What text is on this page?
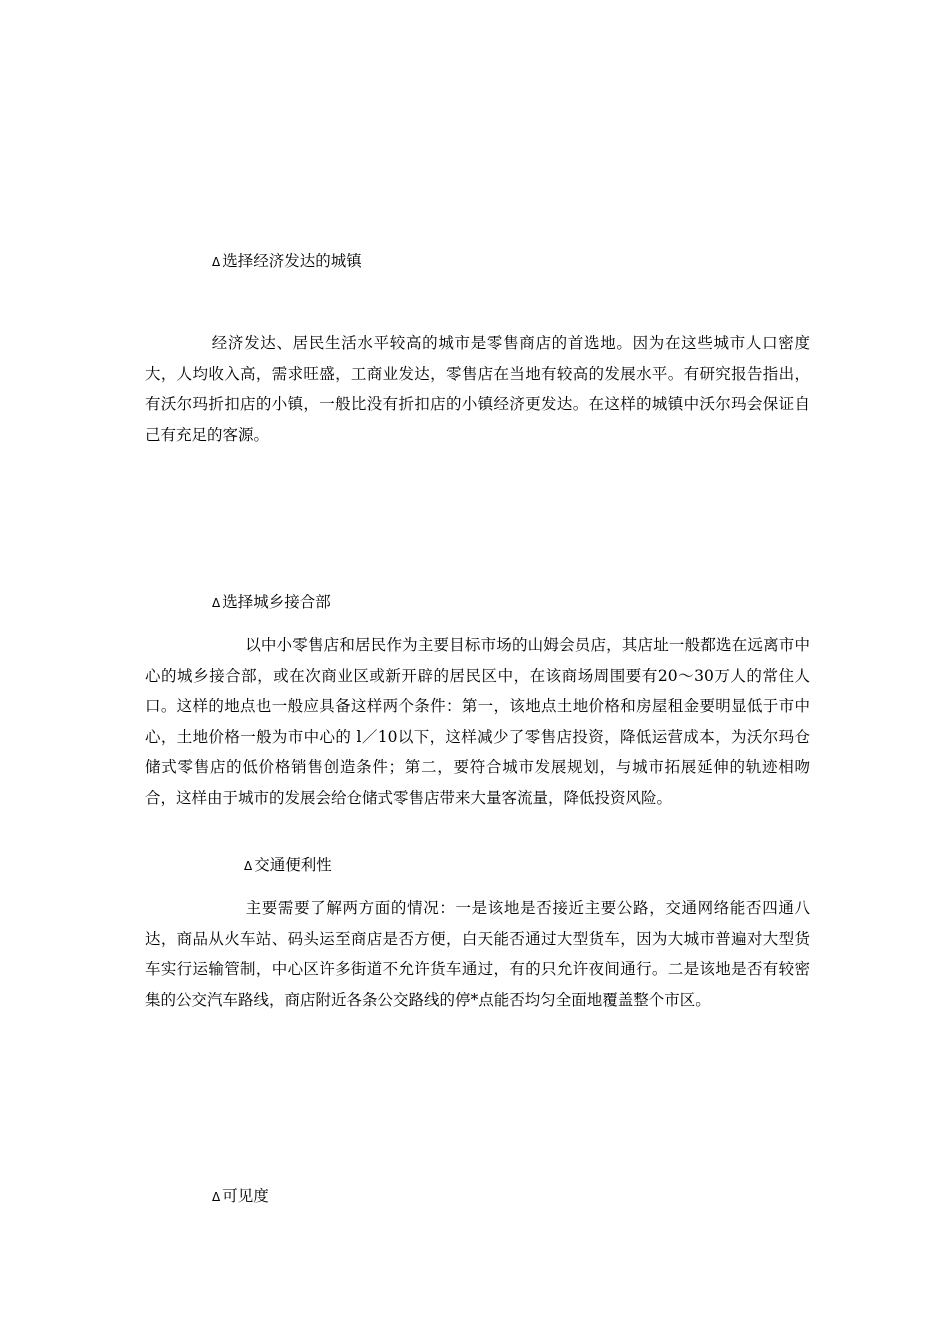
Δ 选择经济发达的城镇
经济发达、居民生活水平较高的城市是零售商店的首选地。因为在这些城市人口密度大，人均收入高，需求旺盛，工商业发达，零售店在当地有较高的发展水平。有研究报告指出，有沃尔玛折扣店的小镇，一般比没有折扣店的小镇经济更发达。在这样的城镇中沃尔玛会保证自己有充足的客源。
Δ 选择城乡接合部
以中小零售店和居民作为主要目标市场的山姆会员店，其店址一般都选在远离市中心的城乡接合部，或在次商业区或新开辟的居民区中，在该商场周围要有20～30万人的常住人口。这样的地点也一般应具备这样两个条件：第一，该地点土地价格和房屋租金要明显低于市中心，土地价格一般为市中心的 l／10以下，这样减少了零售店投资，降低运营成本，为沃尔玛仓储式零售店的低价格销售创造条件；第二，要符合城市发展规划，与城市拓展延伸的轨迹相吻合，这样由于城市的发展会给仓储式零售店带来大量客流量，降低投资风险。
Δ 交通便利性
主要需要了解两方面的情况：一是该地是否接近主要公路，交通网络能否四通八达，商品从火车站、码头运至商店是否方便，白天能否通过大型货车，因为大城市普遍对大型货车实行运输管制，中心区许多街道不允许货车通过，有的只允许夜间通行。二是该地是否有较密集的公交汽车路线，商店附近各条公交路线的停*点能否均匀全面地覆盖整个市区。
Δ 可见度
